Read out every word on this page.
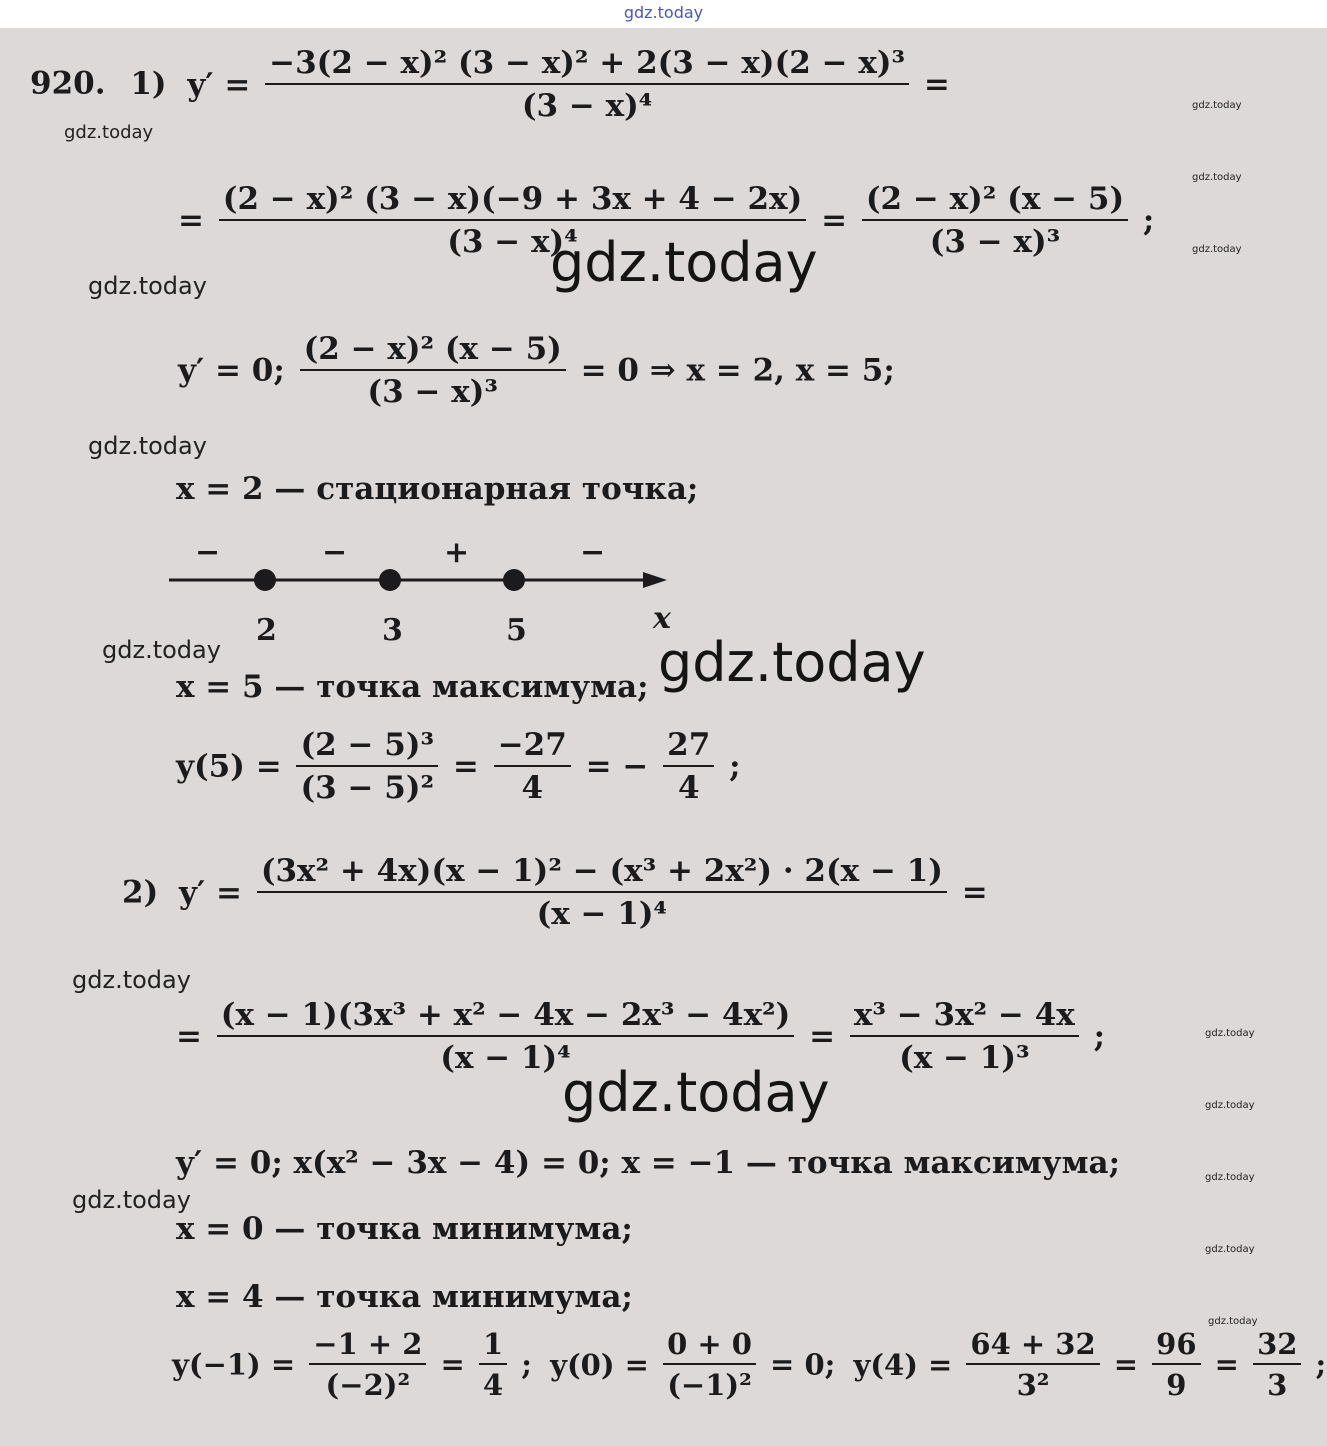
gdz.today
gdz.today
gdz.today
gdz.today
gdz.today
gdz.today
gdz.today
gdz.today
gdz.today
gdz.today
gdz.today
gdz.today
gdz.today
gdz.today
gdz.today
920. 1) $y' = \frac{\text{−3(2 − x)² (3 − x)² + 2(3 − x)(2 − x)³}}{\text{(3 − x)⁴}}$ =
= $\frac{\text{(2 − x)² (3 − x)(−9 + 3x + 4 − 2x)}}{\text{(3 − x)⁴}} = \frac{\text{(2 − x)² (x − 5)}}{\text{(3 − x)³}}$ ;
y′ = 0; $\frac{\text{(2 − x)² (x − 5)}}{\text{(3 − x)³}} = 0$ ⇒ x = 2, x = 5;
x = 2 — стационарная точка;
−	−	+	−
2	3	5	x
x = 5 — точка максимума;
$y(5) = \frac{\text{(2 − 5)³}}{\text{(3 − 5)²}} = \frac{-27}{4}$ = − $\frac{27}{4}$ ;
2) $y' = \frac{\text{(3x² + 4x)(x − 1)² − (x³ + 2x²) · 2(x − 1)}}{\text{(x − 1)⁴}}$ =
= $\frac{\text{(x − 1)(3x³ + x² − 4x − 2x³ − 4x²)}}{\text{(x − 1)⁴}} = \frac{\text{x³ − 3x² − 4x}}{\text{(x − 1)³}}$ ;
y′ = 0; x(x² − 3x − 4) = 0; x = −1 — точка максимума;
x = 0 — точка минимума;
x = 4 — точка минимума;
$y(-1) = \frac{-1 + 2}{\text{(−2)²}} = \frac{1}{4}$ ; $y(0) = \frac{0 + 0}{\text{(−1)²}} = 0$; $y(4) = \frac{64 + 32}{\text{3²}} = \frac{96}{9} = \frac{32}{3}$ ;
gdz.today
gdz.today
gdz.today
